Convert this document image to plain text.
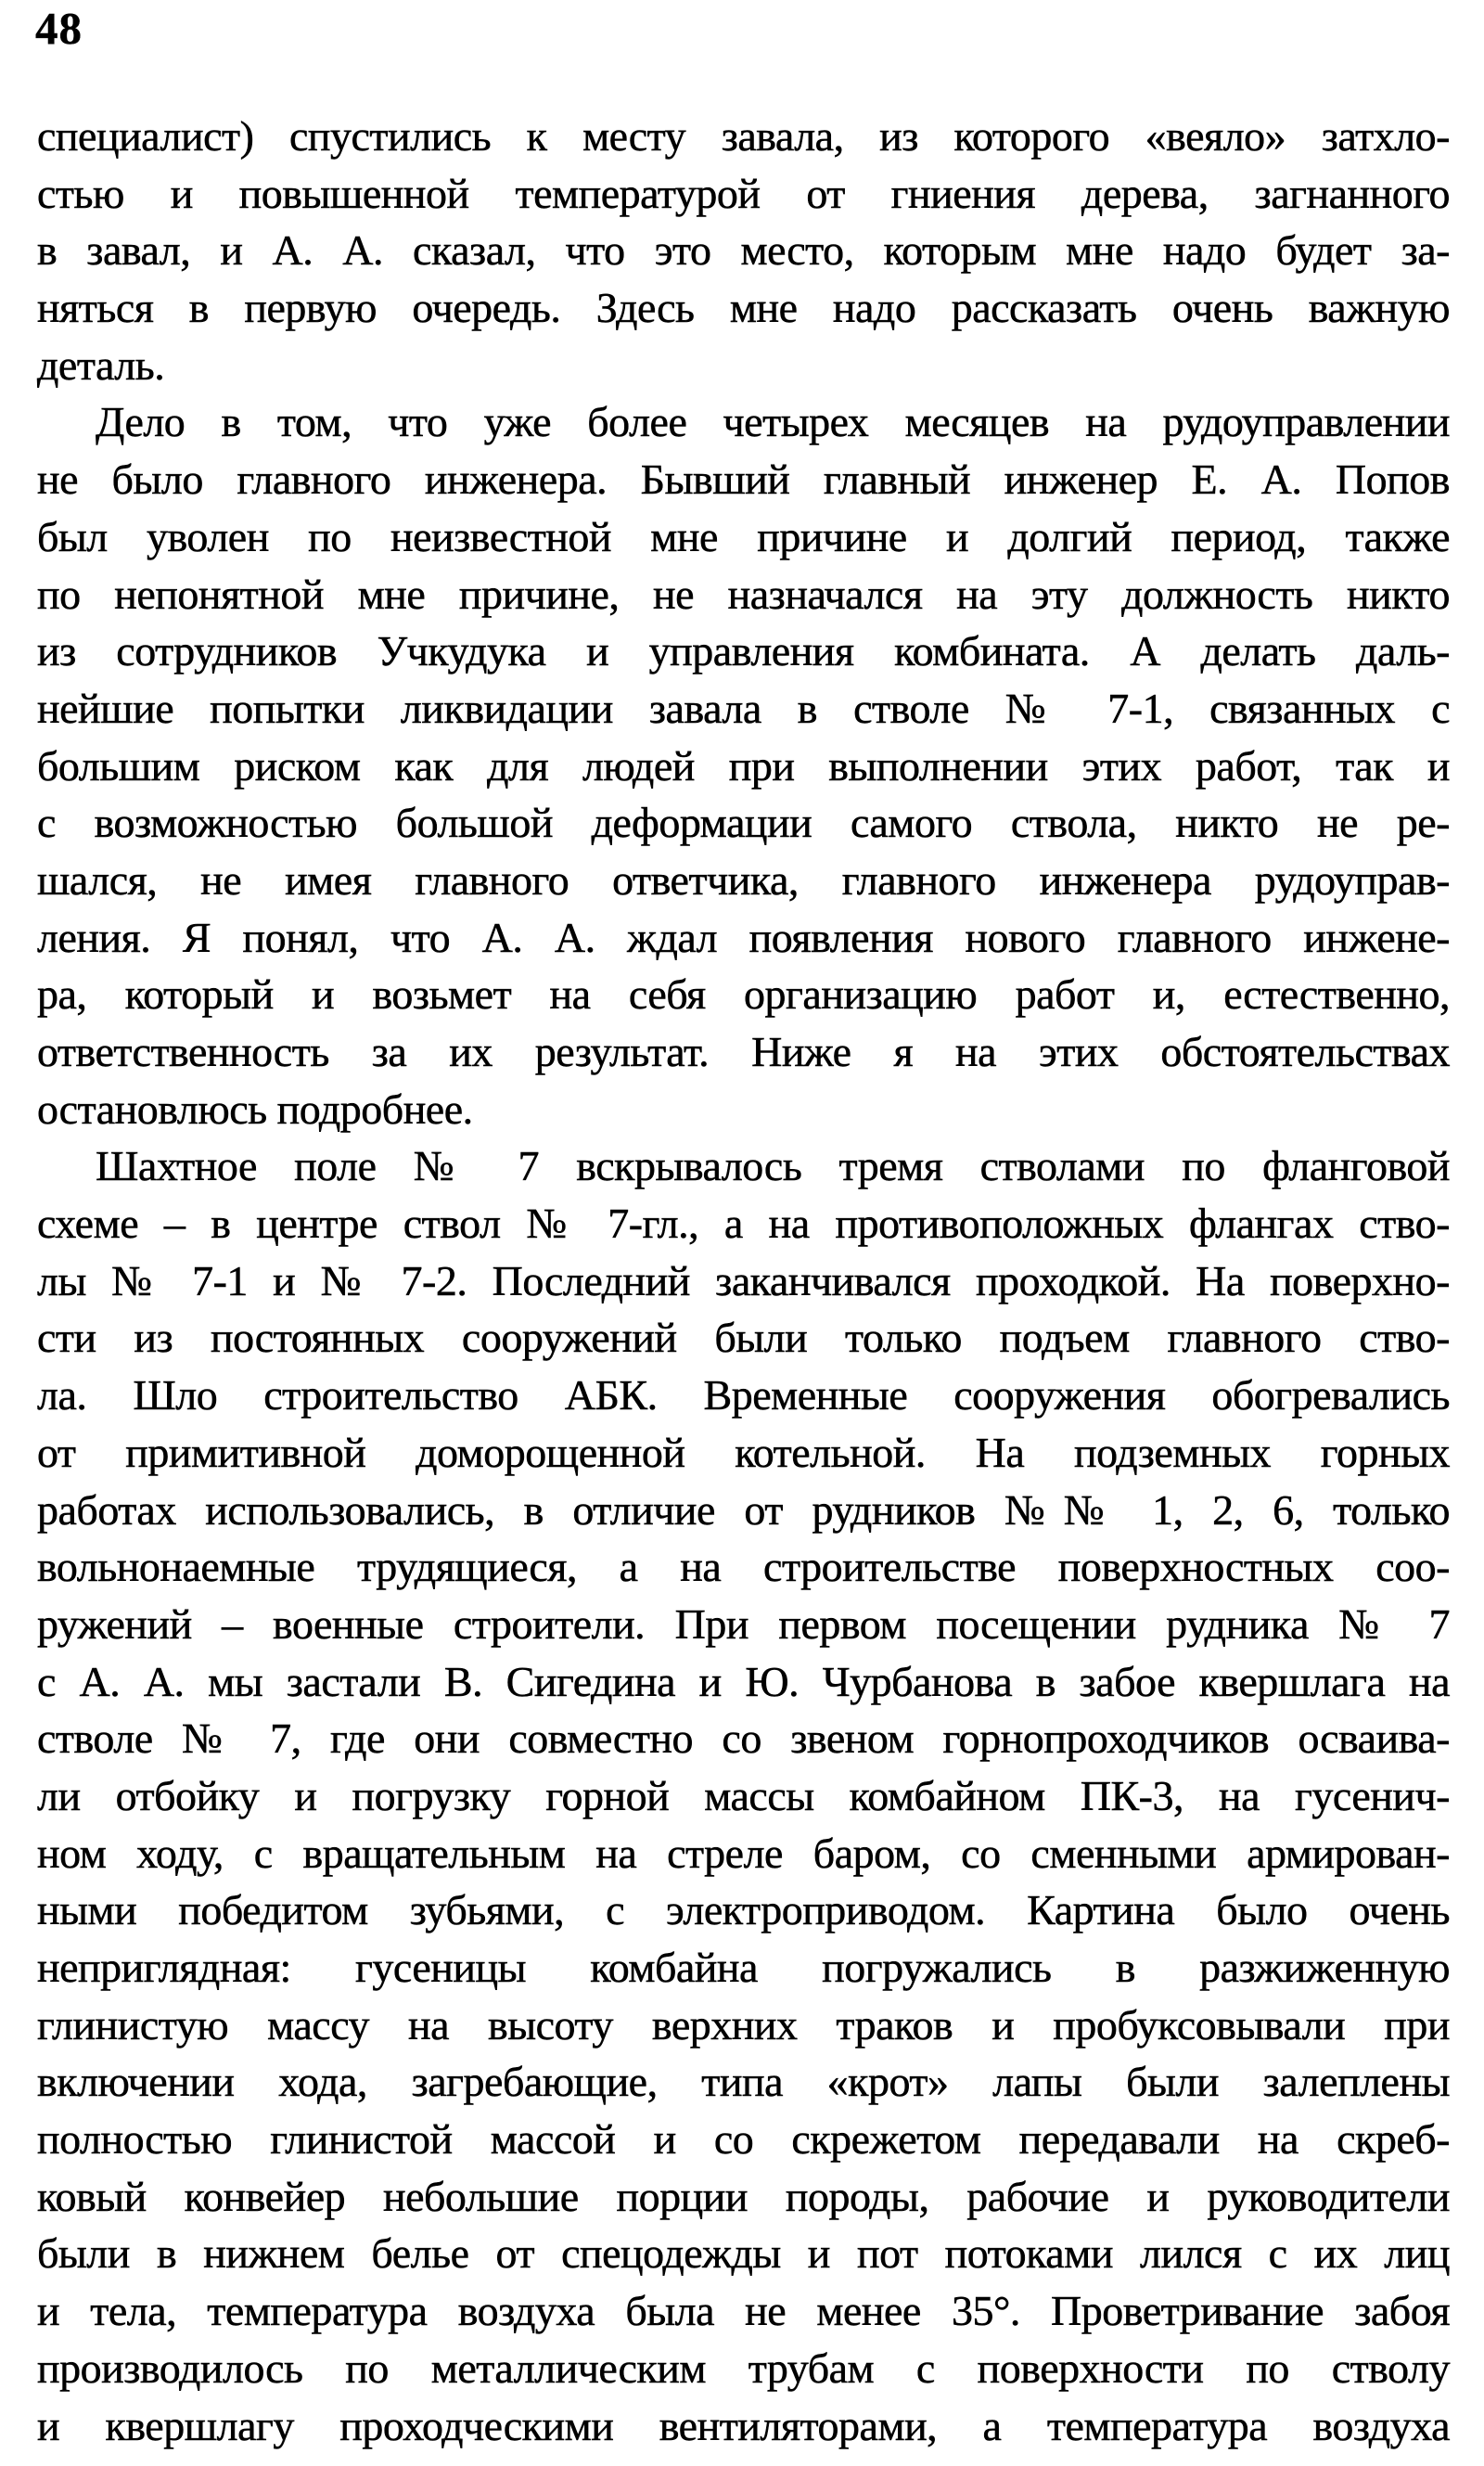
48
специалист) спустились к месту завала, из которого «веяло» затхло-
стью и повышенной температурой от гниения дерева, загнанного
в завал, и А. А. сказал, что это место, которым мне надо будет за-
няться в первую очередь. Здесь мне надо рассказать очень важную
деталь.
Дело в том, что уже более четырех месяцев на рудоуправлении
не было главного инженера. Бывший главный инженер Е. А. Попов
был уволен по неизвестной мне причине и долгий период, также
по непонятной мне причине, не назначался на эту должность никто
из сотрудников Учкудука и управления комбината. А делать даль-
нейшие попытки ликвидации завала в стволе № 7-1, связанных с
большим риском как для людей при выполнении этих работ, так и
с возможностью большой деформации самого ствола, никто не ре-
шался, не имея главного ответчика, главного инженера рудоуправ-
ления. Я понял, что А. А. ждал появления нового главного инжене-
ра, который и возьмет на себя организацию работ и, естественно,
ответственность за их результат. Ниже я на этих обстоятельствах
остановлюсь подробнее.
Шахтное поле № 7 вскрывалось тремя стволами по фланговой
схеме – в центре ствол № 7-гл., а на противоположных флангах ство-
лы № 7-1 и № 7-2. Последний заканчивался проходкой. На поверхно-
сти из постоянных сооружений были только подъем главного ство-
ла. Шло строительство АБК. Временные сооружения обогревались
от примитивной доморощенной котельной. На подземных горных
работах использовались, в отличие от рудников №№ 1, 2, 6, только
вольнонаемные трудящиеся, а на строительстве поверхностных соо-
ружений – военные строители. При первом посещении рудника № 7
с А. А. мы застали В. Сигедина и Ю. Чурбанова в забое квершлага на
стволе № 7, где они совместно со звеном горнопроходчиков осваива-
ли отбойку и погрузку горной массы комбайном ПК-3, на гусенич-
ном ходу, с вращательным на стреле баром, со сменными армирован-
ными победитом зубьями, с электроприводом. Картина было очень
неприглядная: гусеницы комбайна погружались в разжиженную
глинистую массу на высоту верхних траков и пробуксовывали при
включении хода, загребающие, типа «крот» лапы были залеплены
полностью глинистой массой и со скрежетом передавали на скреб-
ковый конвейер небольшие порции породы, рабочие и руководители
были в нижнем белье от спецодежды и пот потоками лился с их лиц
и тела, температура воздуха была не менее 35°. Проветривание забоя
производилось по металлическим трубам с поверхности по стволу
и квершлагу проходческими вентиляторами, а температура воздуха
